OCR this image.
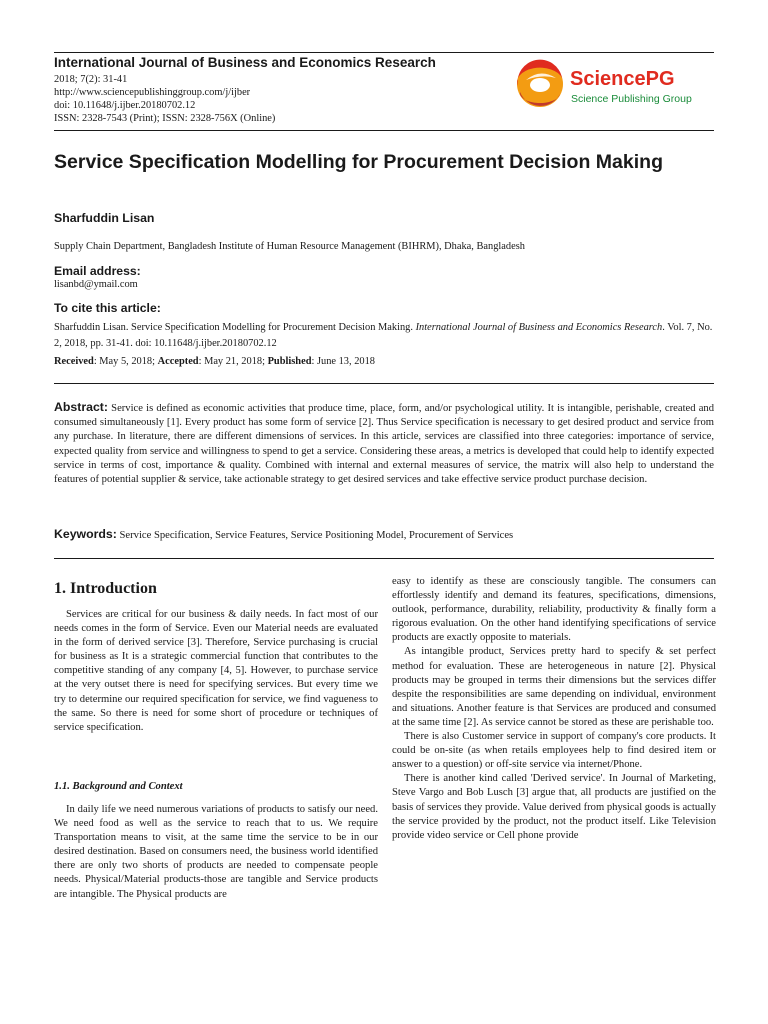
International Journal of Business and Economics Research
2018; 7(2): 31-41
http://www.sciencepublishinggroup.com/j/ijber
doi: 10.11648/j.ijber.20180702.12
ISSN: 2328-7543 (Print); ISSN: 2328-756X (Online)
SciencePG
Science Publishing Group
Service Specification Modelling for Procurement Decision Making
Sharfuddin Lisan
Supply Chain Department, Bangladesh Institute of Human Resource Management (BIHRM), Dhaka, Bangladesh
Email address:
lisanbd@ymail.com
To cite this article:
Sharfuddin Lisan. Service Specification Modelling for Procurement Decision Making. International Journal of Business and Economics Research. Vol. 7, No. 2, 2018, pp. 31-41. doi: 10.11648/j.ijber.20180702.12
Received: May 5, 2018; Accepted: May 21, 2018; Published: June 13, 2018
Abstract: Service is defined as economic activities that produce time, place, form, and/or psychological utility. It is intangible, perishable, created and consumed simultaneously [1]. Every product has some form of service [2]. Thus Service specification is necessary to get desired product and service from any purchase. In literature, there are different dimensions of services. In this article, services are classified into three categories: importance of service, expected quality from service and willingness to spend to get a service. Considering these areas, a metrics is developed that could help to identify expected service in terms of cost, importance & quality. Combined with internal and external measures of service, the matrix will also help to understand the features of potential supplier & service, take actionable strategy to get desired services and take effective service product purchase decision.
Keywords: Service Specification, Service Features, Service Positioning Model, Procurement of Services
1. Introduction

Services are critical for our business & daily needs. In fact most of our needs comes in the form of Service. Even our Material needs are evaluated in the form of derived service [3]. Therefore, Service purchasing is crucial for business as It is a strategic commercial function that contributes to the competitive standing of any company [4, 5]. However, to purchase service at the very outset there is need for specifying services. But every time we try to determine our required specification for service, we find vagueness to the same. So there is need for some short of procedure or techniques of service specification.

1.1. Background and Context

In daily life we need numerous variations of products to satisfy our need. We need food as well as the service to reach that to us. We require Transportation means to visit, at the same time the service to be in our desired destination. Based on consumers need, the business world identified there are only two shorts of products are needed to compensate people needs. Physical/Material products-those are tangible and Service products are intangible. The Physical products are

easy to identify as these are consciously tangible. The consumers can effortlessly identify and demand its features, specifications, dimensions, outlook, performance, durability, reliability, productivity & finally form a rigorous evaluation. On the other hand identifying specifications of service products are exactly opposite to materials.

As intangible product, Services pretty hard to specify & set perfect method for evaluation. These are heterogeneous in nature [2]. Physical products may be grouped in terms their dimensions but the services differ despite the responsibilities are same depending on individual, environment and situations. Another feature is that Services are produced and consumed at the same time [2]. As service cannot be stored as these are perishable too.

There is also Customer service in support of company's core products. It could be on-site (as when retails employees help to find desired item or answer to a question) or off-site service via internet/Phone.

There is another kind called 'Derived service'. In Journal of Marketing, Steve Vargo and Bob Lusch [3] argue that, all products are justified on the basis of services they provide. Value derived from physical goods is actually the service provided by the product, not the product itself. Like Television provide video service or Cell phone provide
